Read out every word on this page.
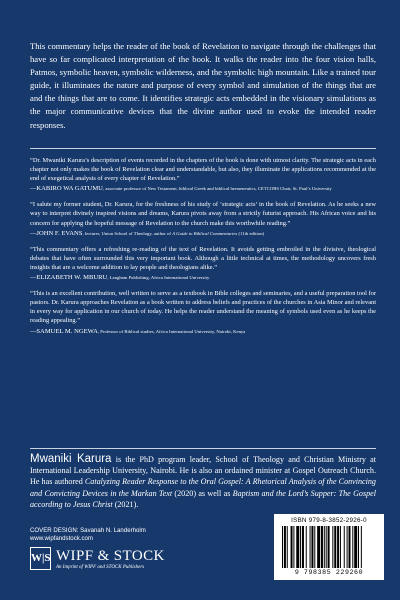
This commentary helps the reader of the book of Revelation to navigate through the challenges that have so far complicated interpretation of the book. It walks the reader into the four vision halls, Patmos, symbolic heaven, symbolic wilderness, and the symbolic high mountain. Like a trained tour guide, it illuminates the nature and purpose of every symbol and simulation of the things that are and the things that are to come. It identifies strategic acts embedded in the visionary simulations as the major communicative devices that the divine author used to evoke the intended reader responses.

“Dr. Mwaniki Karura’s description of events recorded in the chapters of the book is done with utmost clarity. The strategic acts in each chapter not only makes the book of Revelation clear and understandable, but also, they illuminate the applications recommended at the end of exegetical analysis of every chapter of Revelation.”

—KABIRO WA GATUMU, associate professor of New Testament, biblical Greek and biblical hermeneutics, CETCOBS Chair, St. Paul’s University

“I salute my former student, Dr. Karura, for the freshness of his study of ‘strategic acts’ in the book of Revelation. As he seeks a new way to interpret divinely inspired visions and dreams, Karura pivots away from a strictly futurist approach. His African voice and his concern for applying the hopeful message of Revelation to the church make this worthwhile reading.”

—JOHN F. EVANS, lecturer, Union School of Theology, author of A Guide to Biblical Commentaries (11th edition)

“This commentary offers a refreshing re-reading of the text of Revelation. It avoids getting embroiled in the divisive, theological debates that have often surrounded this very important book. Although a little technical at times, the methodology uncovers fresh insights that are a welcome addition to lay people and theologians alike.”

—ELIZABETH W. MBURU, Langham Publishing, Africa International University

“This is an excellent contribution, well written to serve as a textbook in Bible colleges and seminaries, and a useful preparation tool for pastors. Dr. Karura approaches Revelation as a book written to address beliefs and practices of the churches in Asia Minor and relevant in every way for application in our church of today. He helps the reader understand the meaning of symbols used even as he keeps the reading appealing.”

—SAMUEL M. NGEWA, Professor of Biblical studies, Africa International University, Nairobi, Kenya

Mwaniki Karura is the PhD program leader, School of Theology and Christian Ministry at International Leadership University, Nairobi. He is also an ordained minister at Gospel Outreach Church. He has authored Catalyzing Reader Response to the Oral Gospel: A Rhetorical Analysis of the Convincing and Convicting Devices in the Markan Text (2020) as well as Baptism and the Lord’s Supper: The Gospel according to Jesus Christ (2021).

COVER DESIGN: Savanah N. Landerholm
www.wipfandstock.com
W|S WIPF & STOCK
An Imprint of WIPF and STOCK Publishers
ISBN 979-8-3852-2926-0
9 798385 229260
